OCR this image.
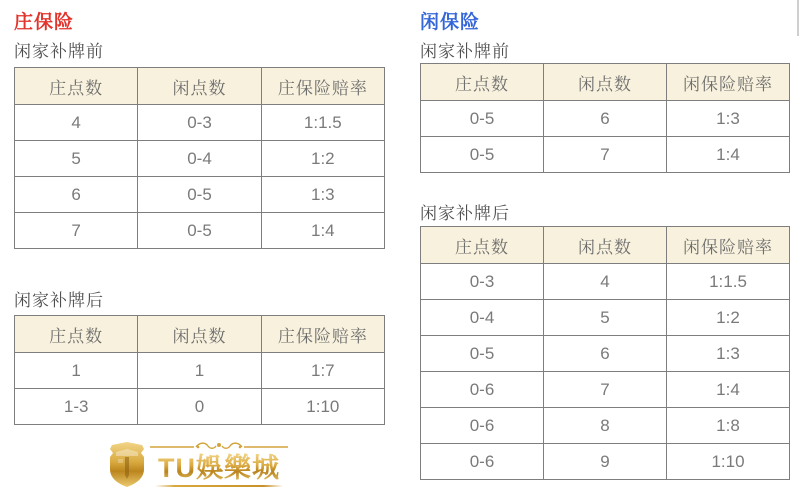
庄保险
闲家补牌前
庄点数	闲点数	庄保险赔率
4	0-3	1:1.5
5	0-4	1:2
6	0-5	1:3
7	0-5	1:4
闲家补牌后
庄点数	闲点数	庄保险赔率
1	1	1:7
1-3	0	1:10
闲保险
闲家补牌前
庄点数	闲点数	闲保险赔率
0-5	6	1:3
0-5	7	1:4
闲家补牌后
庄点数	闲点数	闲保险赔率
0-3	4	1:1.5
0-4	5	1:2
0-5	6	1:3
0-6	7	1:4
0-6	8	1:8
0-6	9	1:10
TU娛樂城
